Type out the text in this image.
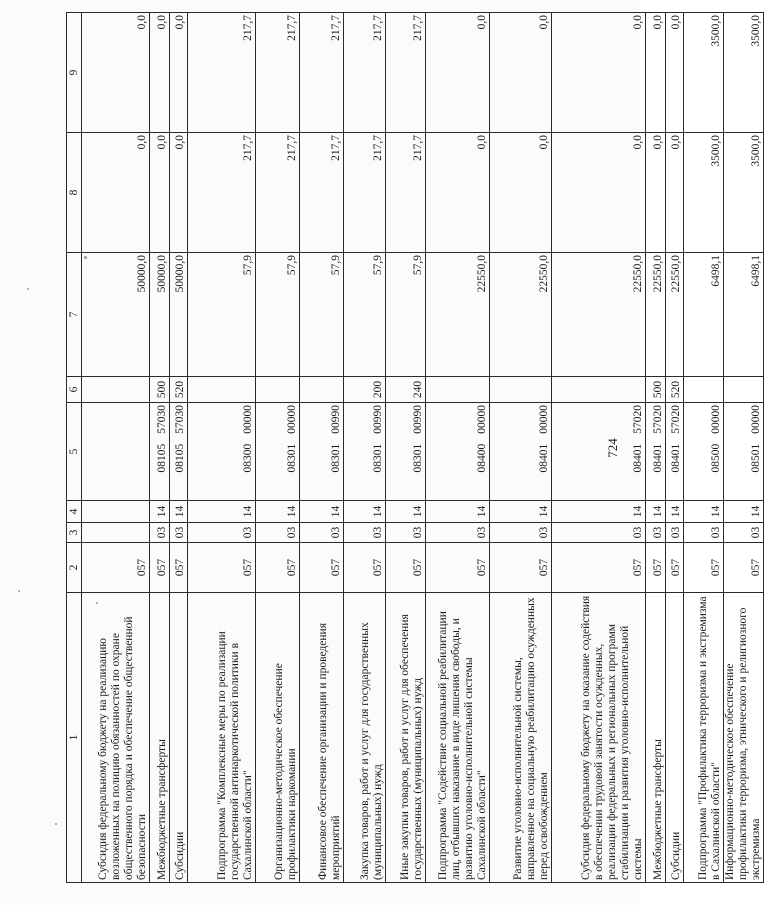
724
1	2	3	4	5	6	7	8	9
Субсидия федеральному бюджету на реализацию возложенных на полицию обязанностей по охране общественного порядка и обеспечение общественной безопасности	057					50000,0	0,0	0,0
Межбюджетные трансферты	057	03	14	0810557030	500	50000,0	0,0	0,0
Субсидии	057	03	14	0810557030	520	50000,0	0,0	0,0
Подпрограмма "Комплексные меры по реализации государственной антинаркотической политики в Сахалинской области"	057	03	14	0830000000		57,9	217,7	217,7
Организационно-методическое обеспечение профилактики наркомании	057	03	14	0830100000		57,9	217,7	217,7
Финансовое обеспечение организации и проведения мероприятий	057	03	14	0830100990		57,9	217,7	217,7
Закупка товаров, работ и услуг для государственных (муниципальных) нужд	057	03	14	0830100990	200	57,9	217,7	217,7
Иные закупки товаров, работ и услуг для обеспечения государственных (муниципальных) нужд	057	03	14	0830100990	240	57,9	217,7	217,7
Подпрограмма "Содействие социальной реабилитации лиц, отбывших наказание в виде лишения свободы, и развитию уголовно-исполнительной системы Сахалинской области"	057	03	14	0840000000		22550,0	0,0	0,0
Развитие уголовно-исполнительной системы, направленное на социальную реабилитацию осужденных перед освобождением	057	03	14	0840100000		22550,0	0,0	0,0
Субсидия федеральному бюджету на оказание содействия в обеспечении трудовой занятости осужденных, реализации федеральных и региональных программ стабилизации и развития уголовно-исполнительной системы	057	03	14	0840157020		22550,0	0,0	0,0
Межбюджетные трансферты	057	03	14	0840157020	500	22550,0	0,0	0,0
Субсидии	057	03	14	0840157020	520	22550,0	0,0	0,0
Подпрограмма "Профилактика терроризма и экстремизма в Сахалинской области"	057	03	14	0850000000		6498,1	3500,0	3500,0
Информационно-методическое обеспечение профилактики терроризма, этнического и религиозного экстремизма	057	03	14	0850100000		6498,1	3500,0	3500,0
